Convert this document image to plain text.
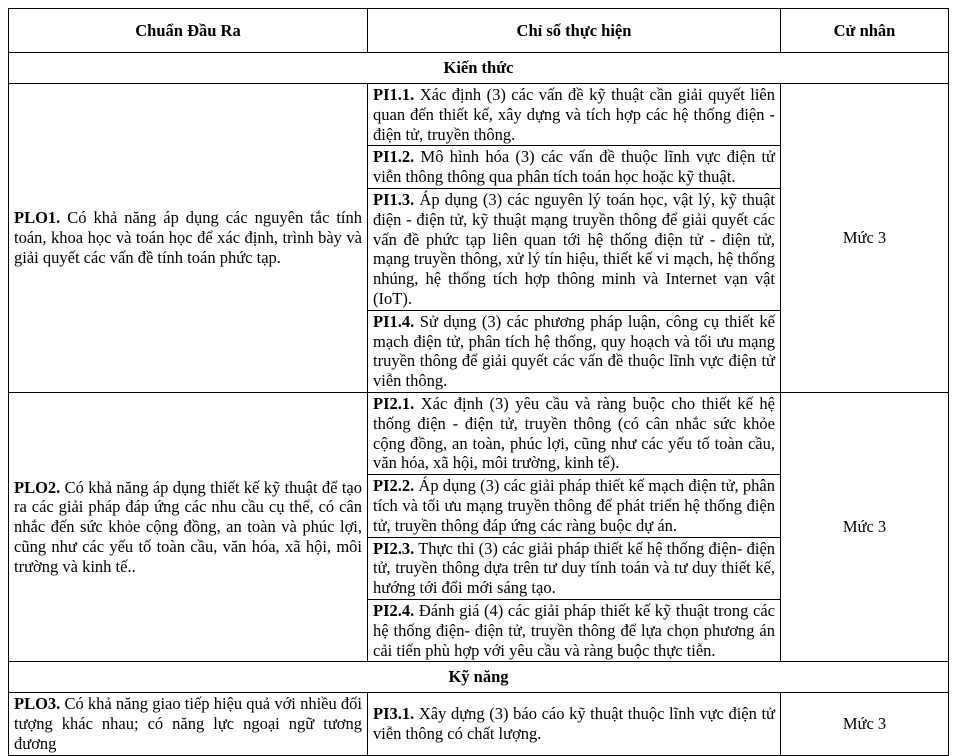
Chuẩn Đầu Ra	Chỉ số thực hiện	Cử nhân
Kiến thức		
PLO1. Có khả năng áp dụng các nguyên tắc tính toán, khoa học và toán học để xác định, trình bày và giải quyết các vấn đề tính toán phức tạp.	PI1.1. Xác định (3) các vấn đề kỹ thuật cần giải quyết liên quan đến thiết kế, xây dựng và tích hợp các hệ thống điện - điện tử, truyền thông.	Mức 3
	PI1.2. Mô hình hóa (3) các vấn đề thuộc lĩnh vực điện tử viễn thông thông qua phân tích toán học hoặc kỹ thuật.	
	PI1.3. Áp dụng (3) các nguyên lý toán học, vật lý, kỹ thuật điện - điện tử, kỹ thuật mạng truyền thông để giải quyết các vấn đề phức tạp liên quan tới hệ thống điện tử - điện tử, mạng truyền thông, xử lý tín hiệu, thiết kế vi mạch, hệ thống nhúng, hệ thống tích hợp thông minh và Internet vạn vật (IoT).	
	PI1.4. Sử dụng (3) các phương pháp luận, công cụ thiết kế mạch điện tử, phân tích hệ thống, quy hoạch và tối ưu mạng truyền thông để giải quyết các vấn đề thuộc lĩnh vực điện tử viễn thông.	
PLO2. Có khả năng áp dụng thiết kế kỹ thuật để tạo ra các giải pháp đáp ứng các nhu cầu cụ thể, có cân nhắc đến sức khỏe cộng đồng, an toàn và phúc lợi, cũng như các yếu tố toàn cầu, văn hóa, xã hội, môi trường và kinh tế..	PI2.1. Xác định (3) yêu cầu và ràng buộc cho thiết kế hệ thống điện - điện tử, truyền thông (có cân nhắc sức khỏe cộng đồng, an toàn, phúc lợi, cũng như các yếu tố toàn cầu, văn hóa, xã hội, môi trường, kinh tế).	Mức 3
	PI2.2. Áp dụng (3) các giải pháp thiết kế mạch điện tử, phân tích và tối ưu mạng truyền thông để phát triển hệ thống điện tử, truyền thông đáp ứng các ràng buộc dự án.	
	PI2.3. Thực thi (3) các giải pháp thiết kế hệ thống điện- điện tử, truyền thông dựa trên tư duy tính toán và tư duy thiết kế, hướng tới đổi mới sáng tạo.	
	PI2.4. Đánh giá (4) các giải pháp thiết kế kỹ thuật trong các hệ thống điện- điện tử, truyền thông để lựa chọn phương án cải tiến phù hợp với yêu cầu và ràng buộc thực tiễn.	
Kỹ năng		
PLO3. Có khả năng giao tiếp hiệu quả với nhiều đối tượng khác nhau; có năng lực ngoại ngữ tương đương	PI3.1. Xây dựng (3) báo cáo kỹ thuật thuộc lĩnh vực điện tử viễn thông có chất lượng.	Mức 3
